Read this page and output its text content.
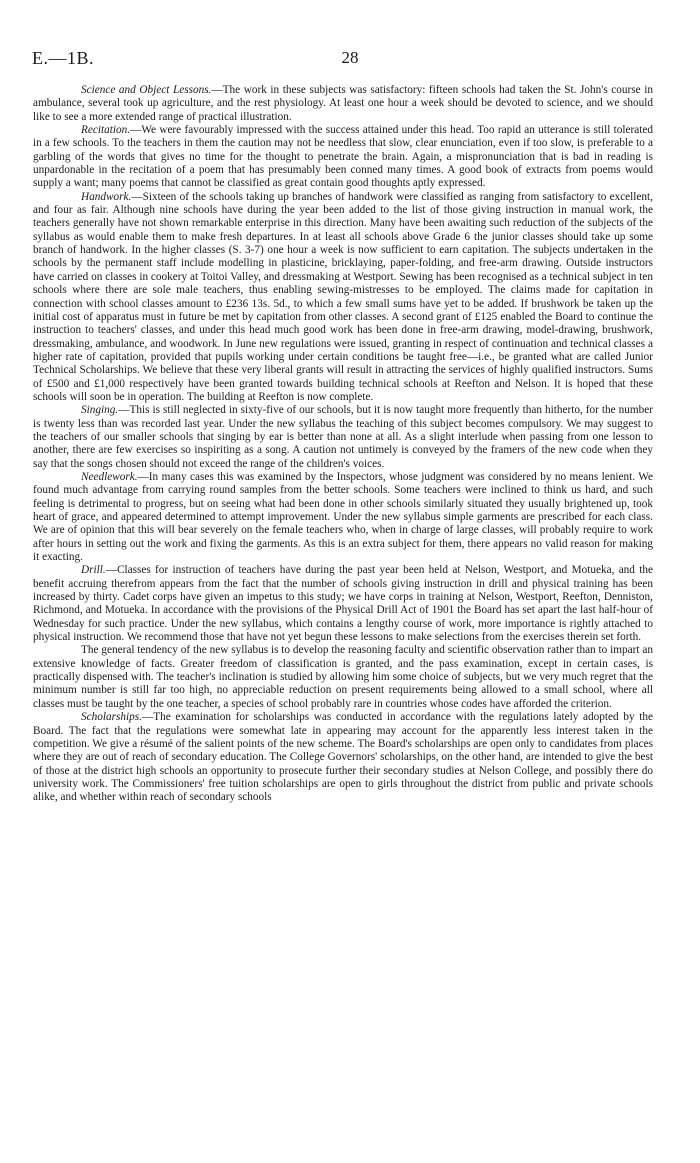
E.—1B.	28

Science and Object Lessons.—The work in these subjects was satisfactory: fifteen schools had taken the St. John's course in ambulance, several took up agriculture, and the rest physiology. At least one hour a week should be devoted to science, and we should like to see a more extended range of practical illustration.

Recitation.—We were favourably impressed with the success attained under this head. Too rapid an utterance is still tolerated in a few schools. To the teachers in them the caution may not be needless that slow, clear enunciation, even if too slow, is preferable to a garbling of the words that gives no time for the thought to penetrate the brain. Again, a mispronunciation that is bad in reading is unpardonable in the recitation of a poem that has presumably been conned many times. A good book of extracts from poems would supply a want; many poems that cannot be classified as great contain good thoughts aptly expressed.

Handwork.—Sixteen of the schools taking up branches of handwork were classified as ranging from satisfactory to excellent, and four as fair. Although nine schools have during the year been added to the list of those giving instruction in manual work, the teachers generally have not shown remarkable enterprise in this direction. Many have been awaiting such reduction of the subjects of the syllabus as would enable them to make fresh departures. In at least all schools above Grade 6 the junior classes should take up some branch of handwork. In the higher classes (S. 3-7) one hour a week is now sufficient to earn capitation. The subjects undertaken in the schools by the permanent staff include modelling in plasticine, bricklaying, paper-folding, and free-arm drawing. Outside instructors have carried on classes in cookery at Toitoi Valley, and dressmaking at Westport. Sewing has been recognised as a technical subject in ten schools where there are sole male teachers, thus enabling sewing-mistresses to be employed. The claims made for capitation in connection with school classes amount to £236 13s. 5d., to which a few small sums have yet to be added. If brushwork be taken up the initial cost of apparatus must in future be met by capitation from other classes. A second grant of £125 enabled the Board to continue the instruction to teachers' classes, and under this head much good work has been done in free-arm drawing, model-drawing, brushwork, dressmaking, ambulance, and woodwork. In June new regulations were issued, granting in respect of continuation and technical classes a higher rate of capitation, provided that pupils working under certain conditions be taught free—i.e., be granted what are called Junior Technical Scholarships. We believe that these very liberal grants will result in attracting the services of highly qualified instructors. Sums of £500 and £1,000 respectively have been granted towards building technical schools at Reefton and Nelson. It is hoped that these schools will soon be in operation. The building at Reefton is now complete.

Singing.—This is still neglected in sixty-five of our schools, but it is now taught more frequently than hitherto, for the number is twenty less than was recorded last year. Under the new syllabus the teaching of this subject becomes compulsory. We may suggest to the teachers of our smaller schools that singing by ear is better than none at all. As a slight interlude when passing from one lesson to another, there are few exercises so inspiriting as a song. A caution not untimely is conveyed by the framers of the new code when they say that the songs chosen should not exceed the range of the children's voices.

Needlework.—In many cases this was examined by the Inspectors, whose judgment was considered by no means lenient. We found much advantage from carrying round samples from the better schools. Some teachers were inclined to think us hard, and such feeling is detrimental to progress, but on seeing what had been done in other schools similarly situated they usually brightened up, took heart of grace, and appeared determined to attempt improvement. Under the new syllabus simple garments are prescribed for each class. We are of opinion that this will bear severely on the female teachers who, when in charge of large classes, will probably require to work after hours in setting out the work and fixing the garments. As this is an extra subject for them, there appears no valid reason for making it exacting.

Drill.—Classes for instruction of teachers have during the past year been held at Nelson, Westport, and Motueka, and the benefit accruing therefrom appears from the fact that the number of schools giving instruction in drill and physical training has been increased by thirty. Cadet corps have given an impetus to this study; we have corps in training at Nelson, Westport, Reefton, Denniston, Richmond, and Motueka. In accordance with the provisions of the Physical Drill Act of 1901 the Board has set apart the last half-hour of Wednesday for such practice. Under the new syllabus, which contains a lengthy course of work, more importance is rightly attached to physical instruction. We recommend those that have not yet begun these lessons to make selections from the exercises therein set forth.

The general tendency of the new syllabus is to develop the reasoning faculty and scientific observation rather than to impart an extensive knowledge of facts. Greater freedom of classification is granted, and the pass examination, except in certain cases, is practically dispensed with. The teacher's inclination is studied by allowing him some choice of subjects, but we very much regret that the minimum number is still far too high, no appreciable reduction on present requirements being allowed to a small school, where all classes must be taught by the one teacher, a species of school probably rare in countries whose codes have afforded the criterion.

Scholarships.—The examination for scholarships was conducted in accordance with the regulations lately adopted by the Board. The fact that the regulations were somewhat late in appearing may account for the apparently less interest taken in the competition. We give a résumé of the salient points of the new scheme. The Board's scholarships are open only to candidates from places where they are out of reach of secondary education. The College Governors' scholarships, on the other hand, are intended to give the best of those at the district high schools an opportunity to prosecute further their secondary studies at Nelson College, and possibly there do university work. The Commissioners' free tuition scholarships are open to girls throughout the district from public and private schools alike, and whether within reach of secondary schools
